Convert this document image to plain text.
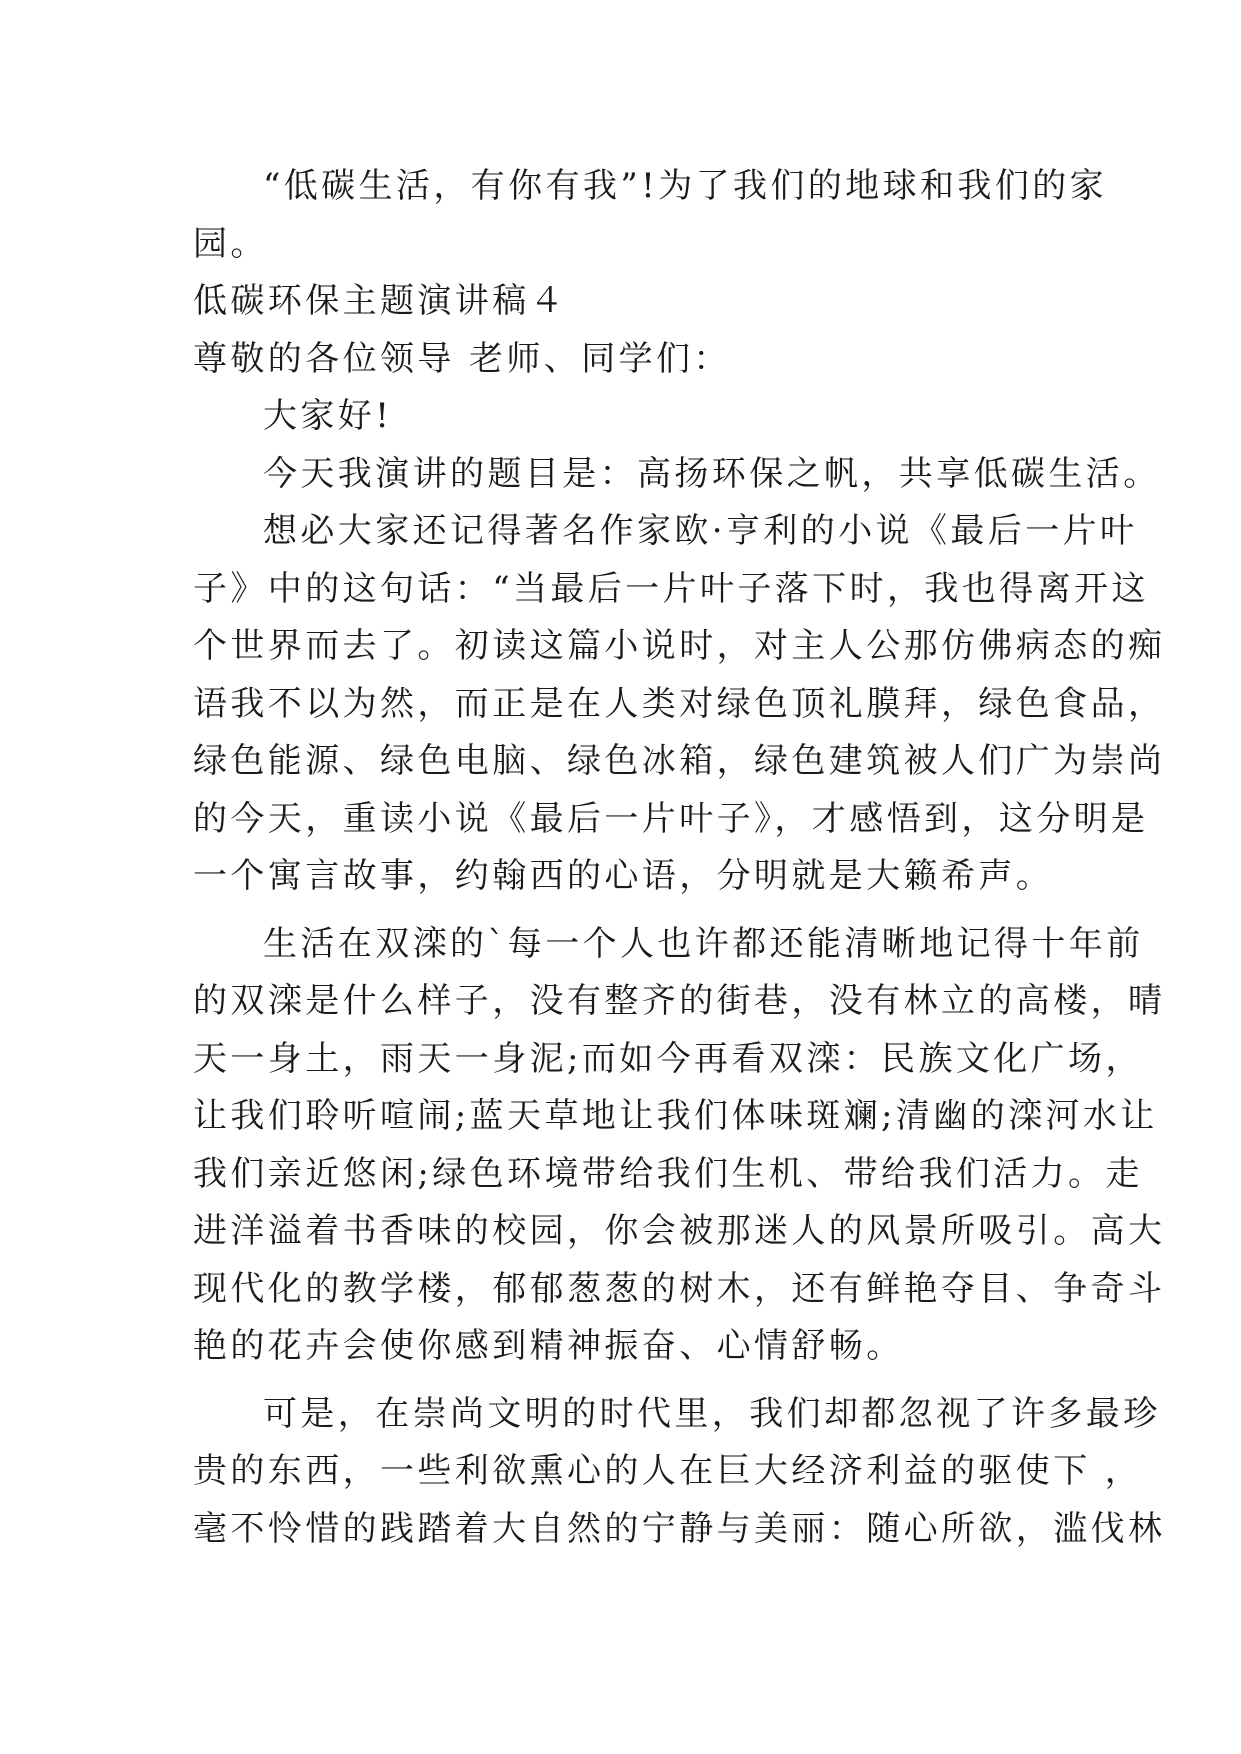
“低碳生活，有你有我”!为了我们的地球和我们的家
园。
低碳环保主题演讲稿４
尊敬的各位领导 老师、同学们：
大家好!
今天我演讲的题目是：高扬环保之帆，共享低碳生活。
想必大家还记得著名作家欧·亨利的小说《最后一片叶
子》中的这句话：“当最后一片叶子落下时，我也得离开这
个世界而去了。初读这篇小说时，对主人公那仿佛病态的痴
语我不以为然，而正是在人类对绿色顶礼膜拜，绿色食品，
绿色能源、绿色电脑、绿色冰箱，绿色建筑被人们广为崇尚
的今天，重读小说《最后一片叶子》，才感悟到，这分明是
一个寓言故事，约翰西的心语，分明就是大籁希声。
生活在双滦的`每一个人也许都还能清晰地记得十年前
的双滦是什么样子，没有整齐的街巷，没有林立的高楼，晴
天一身土，雨天一身泥;而如今再看双滦：民族文化广场，
让我们聆听喧闹;蓝天草地让我们体味斑斓;清幽的滦河水让
我们亲近悠闲;绿色环境带给我们生机、带给我们活力。走
进洋溢着书香味的校园，你会被那迷人的风景所吸引。高大
现代化的教学楼，郁郁葱葱的树木，还有鲜艳夺目、争奇斗
艳的花卉会使你感到精神振奋、心情舒畅。
可是，在崇尚文明的时代里，我们却都忽视了许多最珍
贵的东西，一些利欲熏心的人在巨大经济利益的驱使下 ，
毫不怜惜的践踏着大自然的宁静与美丽：随心所欲，滥伐林
